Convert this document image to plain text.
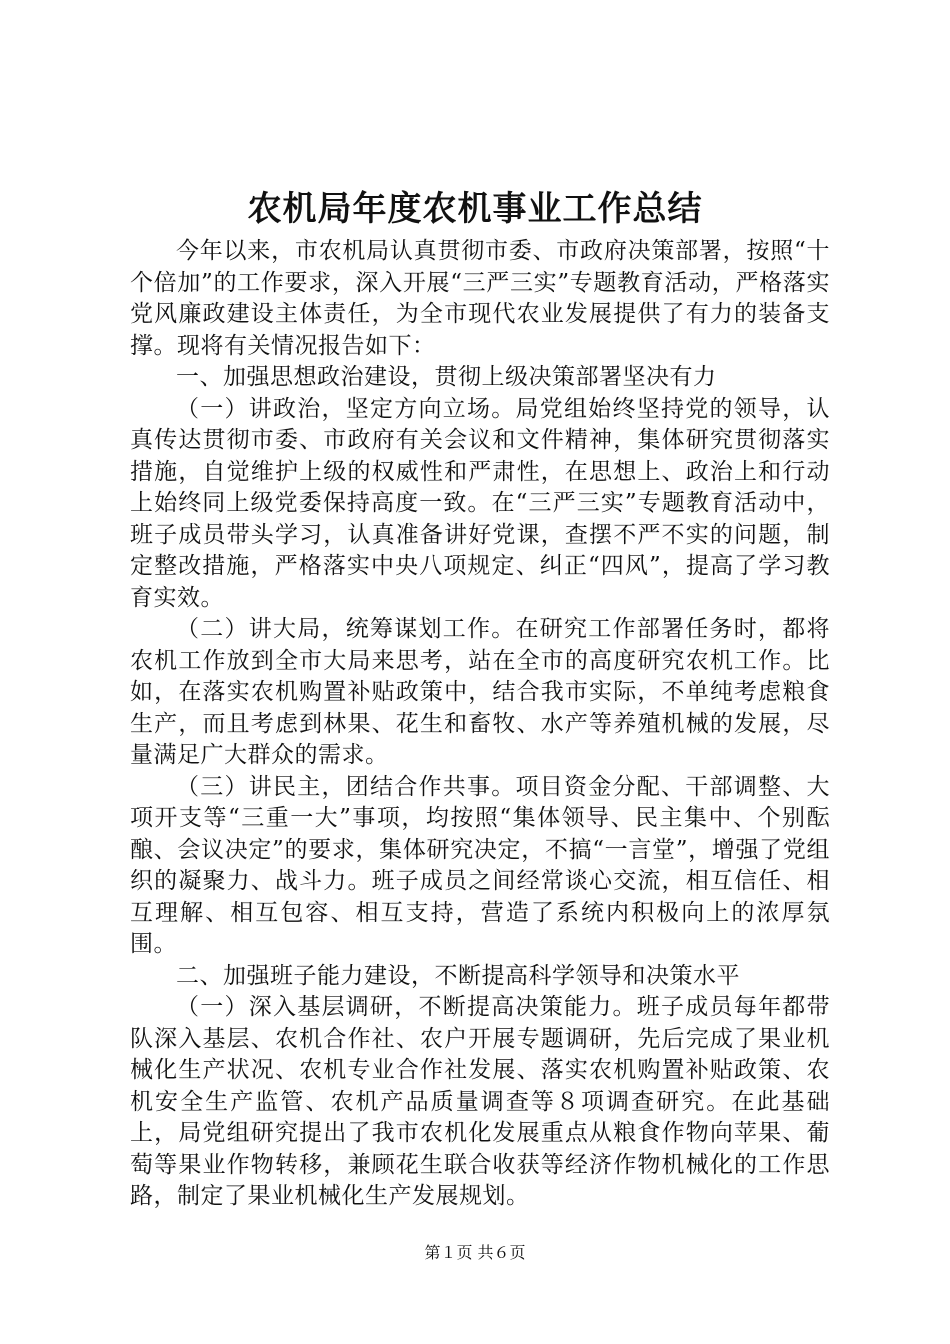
农机局年度农机事业工作总结

今年以来，市农机局认真贯彻市委、市政府决策部署，按照“十个倍加”的工作要求，深入开展“三严三实”专题教育活动，严格落实党风廉政建设主体责任，为全市现代农业发展提供了有力的装备支撑。现将有关情况报告如下：

一、加强思想政治建设，贯彻上级决策部署坚决有力

（一）讲政治，坚定方向立场。局党组始终坚持党的领导，认真传达贯彻市委、市政府有关会议和文件精神，集体研究贯彻落实措施，自觉维护上级的权威性和严肃性，在思想上、政治上和行动上始终同上级党委保持高度一致。在“三严三实”专题教育活动中，班子成员带头学习，认真准备讲好党课，查摆不严不实的问题，制定整改措施，严格落实中央八项规定、纠正“四风”，提高了学习教育实效。

（二）讲大局，统筹谋划工作。在研究工作部署任务时，都将农机工作放到全市大局来思考，站在全市的高度研究农机工作。比如，在落实农机购置补贴政策中，结合我市实际，不单纯考虑粮食生产，而且考虑到林果、花生和畜牧、水产等养殖机械的发展，尽量满足广大群众的需求。

（三）讲民主，团结合作共事。项目资金分配、干部调整、大项开支等“三重一大”事项，均按照“集体领导、民主集中、个别酝酿、会议决定”的要求，集体研究决定，不搞“一言堂”，增强了党组织的凝聚力、战斗力。班子成员之间经常谈心交流，相互信任、相互理解、相互包容、相互支持，营造了系统内积极向上的浓厚氛围。

二、加强班子能力建设，不断提高科学领导和决策水平

（一）深入基层调研，不断提高决策能力。班子成员每年都带队深入基层、农机合作社、农户开展专题调研，先后完成了果业机械化生产状况、农机专业合作社发展、落实农机购置补贴政策、农机安全生产监管、农机产品质量调查等８项调查研究。在此基础上，局党组研究提出了我市农机化发展重点从粮食作物向苹果、葡萄等果业作物转移，兼顾花生联合收获等经济作物机械化的工作思路，制定了果业机械化生产发展规划。

第１页 共６页
